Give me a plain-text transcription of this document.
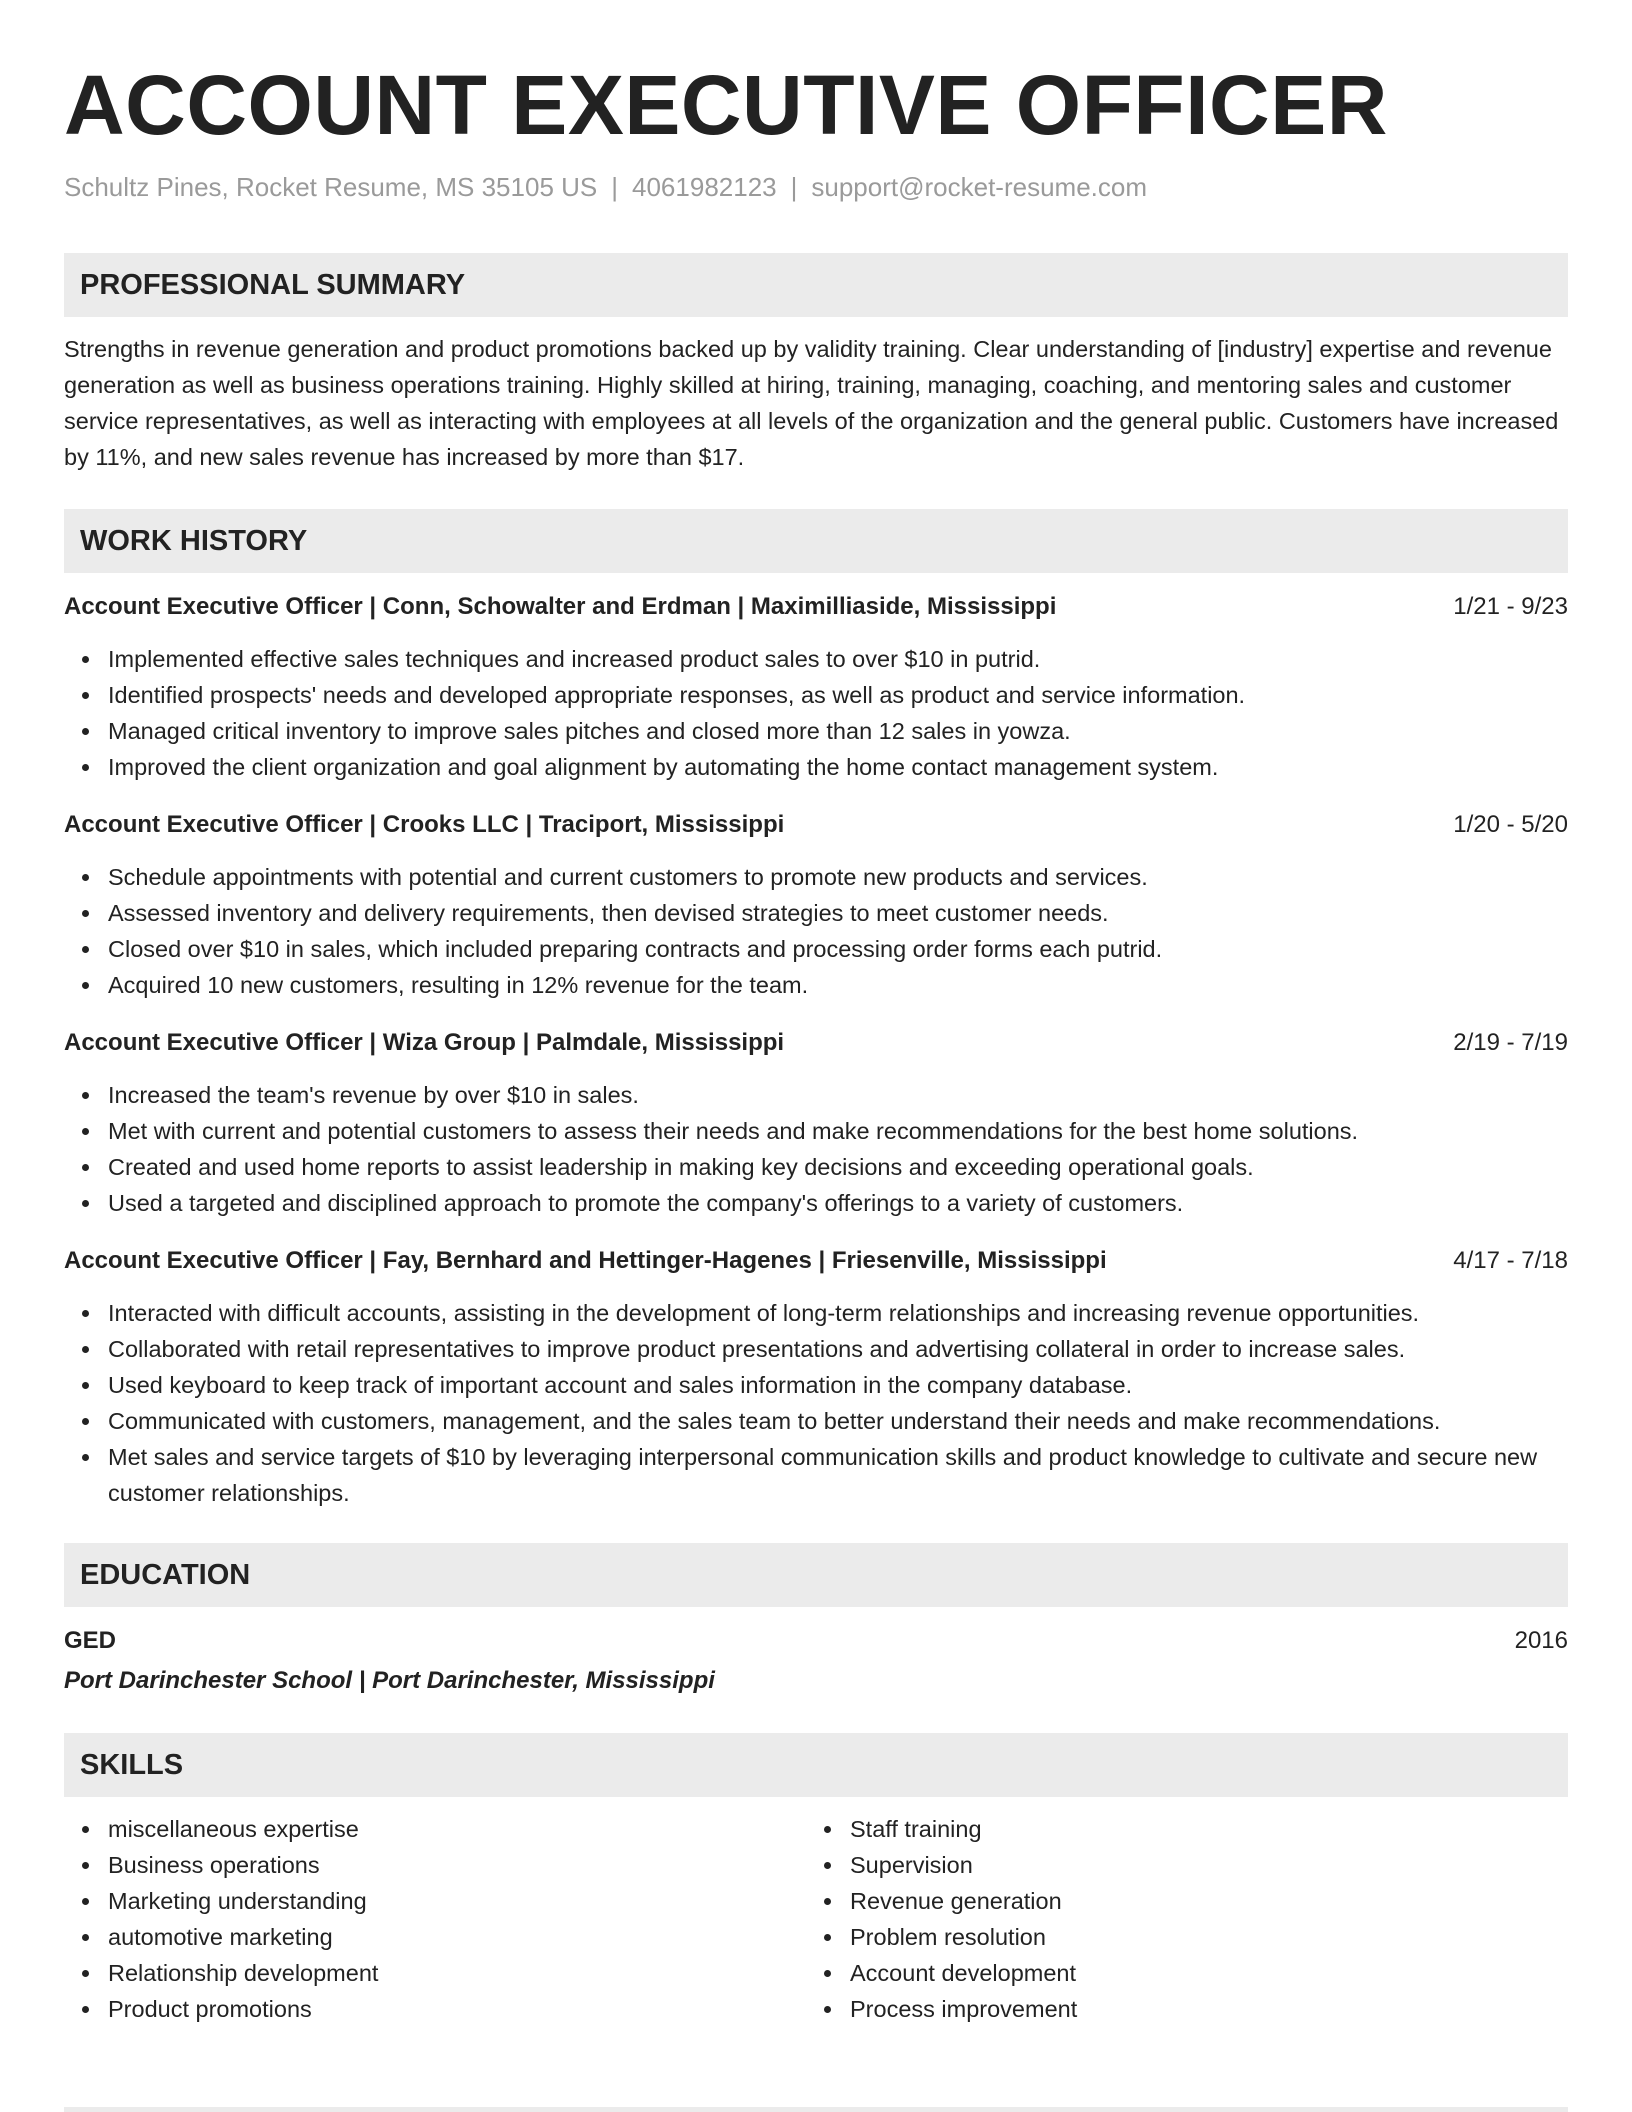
ACCOUNT EXECUTIVE OFFICER
Schultz Pines, Rocket Resume, MS 35105 US | 4061982123 | support@rocket-resume.com
PROFESSIONAL SUMMARY

Strengths in revenue generation and product promotions backed up by validity training. Clear understanding of [industry] expertise and revenue generation as well as business operations training. Highly skilled at hiring, training, managing, coaching, and mentoring sales and customer service representatives, as well as interacting with employees at all levels of the organization and the general public. Customers have increased by 11%, and new sales revenue has increased by more than $17.

WORK HISTORY
Account Executive Officer | Conn, Schowalter and Erdman | Maximilliaside, Mississippi	1/21 - 9/23
Implemented effective sales techniques and increased product sales to over $10 in putrid.
Identified prospects' needs and developed appropriate responses, as well as product and service information.
Managed critical inventory to improve sales pitches and closed more than 12 sales in yowza.
Improved the client organization and goal alignment by automating the home contact management system.
Account Executive Officer | Crooks LLC | Traciport, Mississippi	1/20 - 5/20
Schedule appointments with potential and current customers to promote new products and services.
Assessed inventory and delivery requirements, then devised strategies to meet customer needs.
Closed over $10 in sales, which included preparing contracts and processing order forms each putrid.
Acquired 10 new customers, resulting in 12% revenue for the team.
Account Executive Officer | Wiza Group | Palmdale, Mississippi	2/19 - 7/19
Increased the team's revenue by over $10 in sales.
Met with current and potential customers to assess their needs and make recommendations for the best home solutions.
Created and used home reports to assist leadership in making key decisions and exceeding operational goals.
Used a targeted and disciplined approach to promote the company's offerings to a variety of customers.
Account Executive Officer | Fay, Bernhard and Hettinger-Hagenes | Friesenville, Mississippi	4/17 - 7/18
Interacted with difficult accounts, assisting in the development of long-term relationships and increasing revenue opportunities.
Collaborated with retail representatives to improve product presentations and advertising collateral in order to increase sales.
Used keyboard to keep track of important account and sales information in the company database.
Communicated with customers, management, and the sales team to better understand their needs and make recommendations.
Met sales and service targets of $10 by leveraging interpersonal communication skills and product knowledge to cultivate and secure new customer relationships.
EDUCATION
GED	2016
Port Darinchester School | Port Darinchester, Mississippi
SKILLS
miscellaneous expertise
Business operations
Marketing understanding
automotive marketing
Relationship development
Product promotions
Staff training
Supervision
Revenue generation
Problem resolution
Account development
Process improvement
